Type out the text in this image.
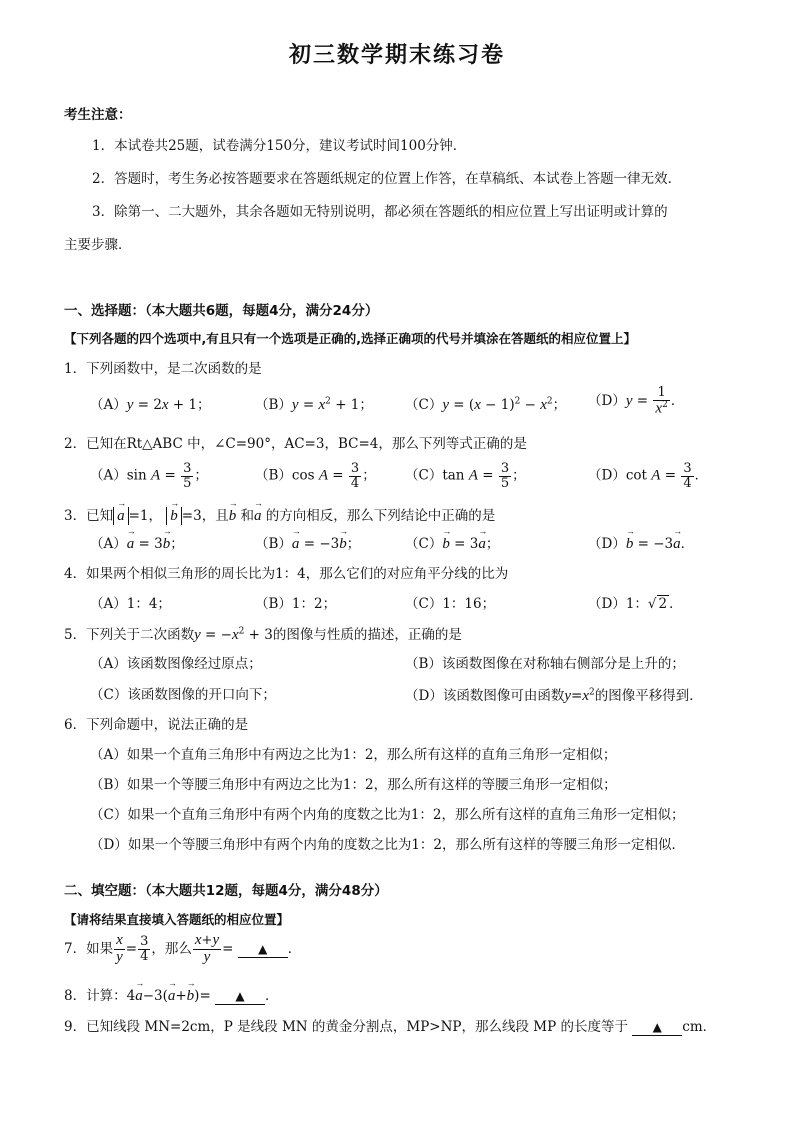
初三数学期末练习卷
考生注意：
1．本试卷共25题，试卷满分150分，建议考试时间100分钟．
2．答题时，考生务必按答题要求在答题纸规定的位置上作答，在草稿纸、本试卷上答题一律无效．
3．除第一、二大题外，其余各题如无特别说明，都必须在答题纸的相应位置上写出证明或计算的
主要步骤．
一、选择题：（本大题共6题，每题4分，满分24分）
【下列各题的四个选项中,有且只有一个选项是正确的,选择正确项的代号并填涂在答题纸的相应位置上】
1．下列函数中，是二次函数的是
（A）y = 2x + 1；	$(B)y = x^2 + 1$； $(C)y = (x - 1)^2 - x^2$； $(D)y = \frac{1}{x^2}$ ．
2．已知在Rt△ABC 中，∠C=90°，AC=3，BC=4，那么下列等式正确的是
（A）sin $A = \frac{3}{5}$ ；	（B）cos $A = \frac{3}{4}$ ； （C）tan $A = \frac{3}{5}$ ；	（D）cot $A = \frac{3}{4}$ ．
3．已知→ a =1， → b =3，且→ b 和→ a 的方向相反，那么下列结论中正确的是
（A）→ a = 3→ b；	（B）→ a = −3→ b；	（C）→ b = 3→ a；	（D）→ b = −3→ a．
4．如果两个相似三角形的周长比为1：4，那么它们的对应角平分线的比为
（A）1：4；	（B）1：2；	（C）1：16；	（D）1：√ 2 ．
5．下列关于二次函数$y = -x^2 + 3$的图像与性质的描述，正确的是
（A）该函数图像经过原点；	（B）该函数图像在对称轴右侧部分是上升的；
（C）该函数图像的开口向下；	（D）该函数图像可由函数$y=x^2$的图像平移得到．
6．下列命题中，说法正确的是
（A）如果一个直角三角形中有两边之比为1：2，那么所有这样的直角三角形一定相似；
（B）如果一个等腰三角形中有两边之比为1：2，那么所有这样的等腰三角形一定相似；
（C）如果一个直角三角形中有两个内角的度数之比为1：2，那么所有这样的直角三角形一定相似；
（D）如果一个等腰三角形中有两个内角的度数之比为1：2，那么所有这样的等腰三角形一定相似．
二、填空题：（本大题共12题，每题4分，满分48分）
【请将结果直接填入答题纸的相应位置】
7．如果 $\frac{x}{y} = \frac{3}{4}$ ，那么 $\frac{x+y}{y}$ = ▲ ．
8．计算：4→ a−3(→ a+→ b)= ▲ ．
9．已知线段 MN=2cm，P 是线段 MN 的黄金分割点，MP>NP，那么线段 MP 的长度等于 ▲ cm．
